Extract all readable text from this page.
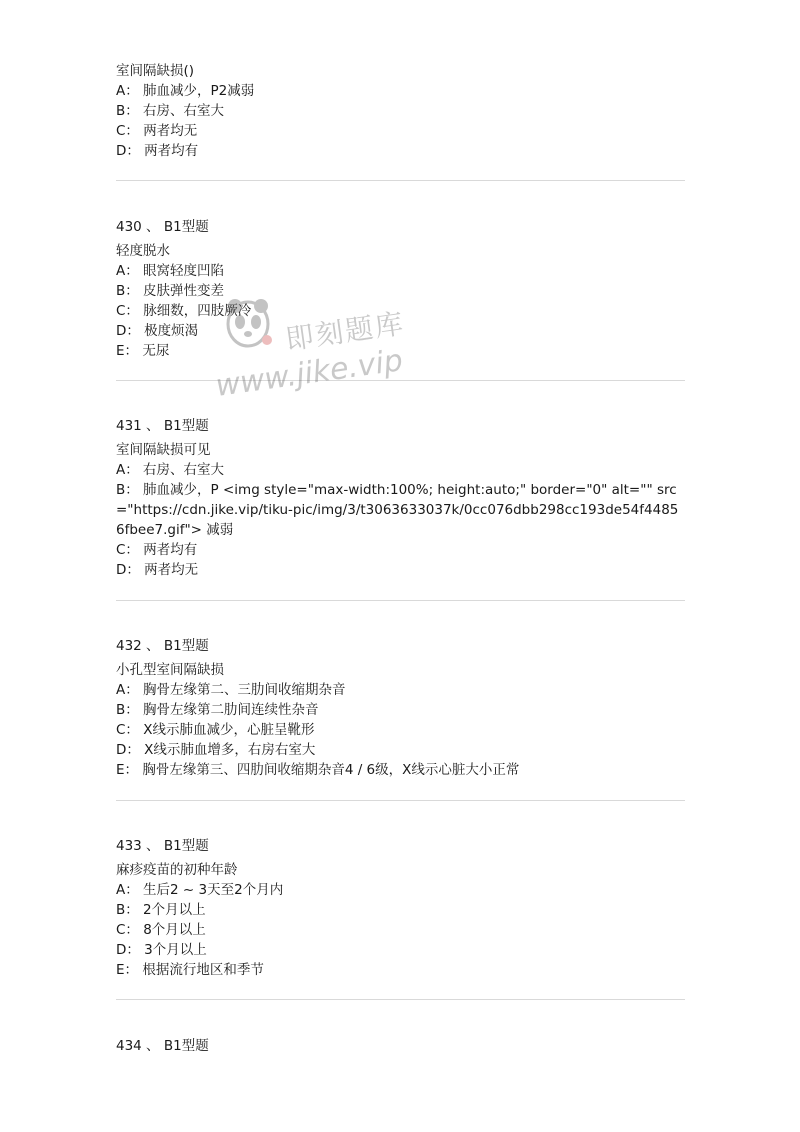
室间隔缺损()
A： 肺血减少，P2减弱
B： 右房、右室大
C： 两者均无
D： 两者均有
430 、 B1型题
轻度脱水
A： 眼窝轻度凹陷
B： 皮肤弹性变差
C： 脉细数，四肢厥冷
D： 极度烦渴
E： 无尿
431 、 B1型题
室间隔缺损可见
A： 右房、右室大
B： 肺血减少，P <img style="max-width:100%; height:auto;" border="0" alt="" src="https://cdn.jike.vip/tiku-pic/img/3/t3063633037k/0cc076dbb298cc193de54f44856fbee7.gif"> 减弱
C： 两者均有
D： 两者均无
432 、 B1型题
小孔型室间隔缺损
A： 胸骨左缘第二、三肋间收缩期杂音
B： 胸骨左缘第二肋间连续性杂音
C： X线示肺血减少，心脏呈靴形
D： X线示肺血增多，右房右室大
E： 胸骨左缘第三、四肋间收缩期杂音4 / 6级，X线示心脏大小正常
433 、 B1型题
麻疹疫苗的初种年龄
A： 生后2 ~ 3天至2个月内
B： 2个月以上
C： 8个月以上
D： 3个月以上
E： 根据流行地区和季节
434 、 B1型题
即刻题库
www.jike.vip
